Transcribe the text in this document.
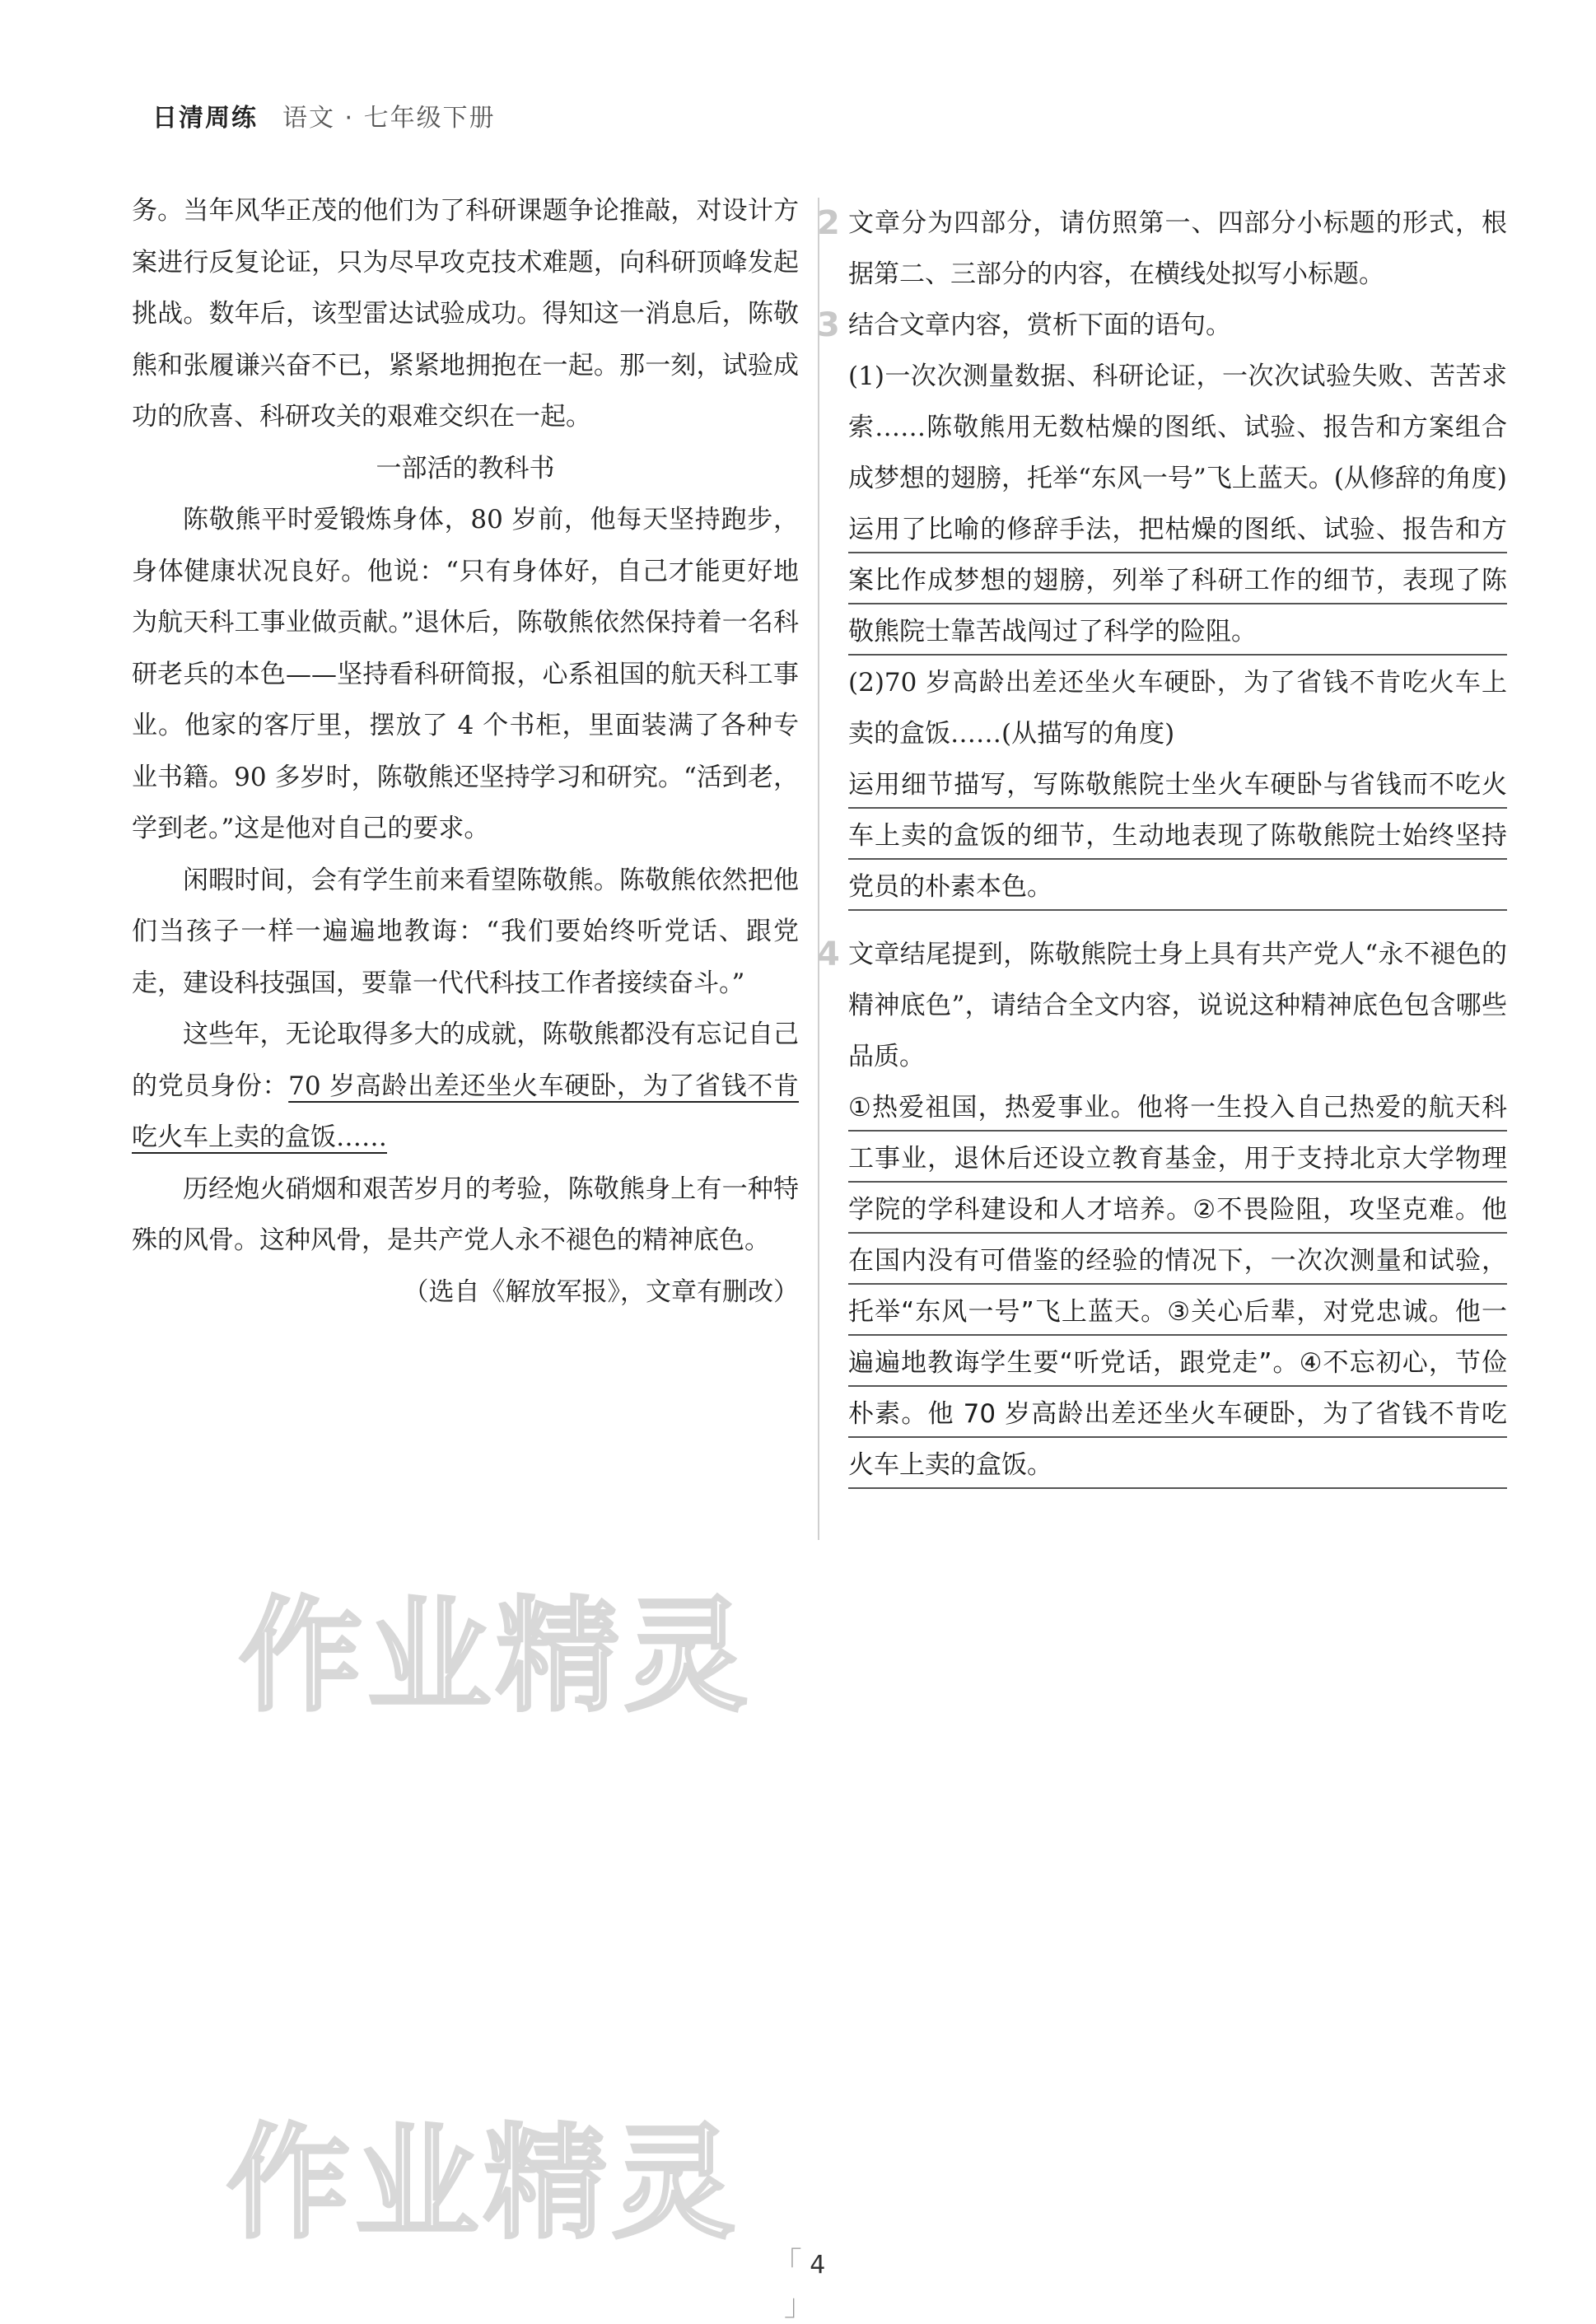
日清周练 语文 · 七年级下册

务。当年风华正茂的他们为了科研课题争论推敲，对设计方案进行反复论证，只为尽早攻克技术难题，向科研顶峰发起挑战。数年后，该型雷达试验成功。得知这一消息后，陈敬熊和张履谦兴奋不已，紧紧地拥抱在一起。那一刻，试验成功的欣喜、科研攻关的艰难交织在一起。

一部活的教科书

陈敬熊平时爱锻炼身体，80 岁前，他每天坚持跑步，身体健康状况良好。他说：“只有身体好，自己才能更好地为航天科工事业做贡献。”退休后，陈敬熊依然保持着一名科研老兵的本色——坚持看科研简报，心系祖国的航天科工事业。他家的客厅里，摆放了 4 个书柜，里面装满了各种专业书籍。90 多岁时，陈敬熊还坚持学习和研究。“活到老，学到老。”这是他对自己的要求。

闲暇时间，会有学生前来看望陈敬熊。陈敬熊依然把他们当孩子一样一遍遍地教诲：“我们要始终听党话、跟党走，建设科技强国，要靠一代代科技工作者接续奋斗。”

这些年，无论取得多大的成就，陈敬熊都没有忘记自己的党员身份：70 岁高龄出差还坐火车硬卧，为了省钱不肯吃火车上卖的盒饭……

历经炮火硝烟和艰苦岁月的考验，陈敬熊身上有一种特殊的风骨。这种风骨，是共产党人永不褪色的精神底色。

（选自《解放军报》，文章有删改）

2 文章分为四部分，请仿照第一、四部分小标题的形式，根据第二、三部分的内容，在横线处拟写小标题。

3 结合文章内容，赏析下面的语句。

(1)一次次测量数据、科研论证，一次次试验失败、苦苦求索……陈敬熊用无数枯燥的图纸、试验、报告和方案组合成梦想的翅膀，托举“东风一号”飞上蓝天。(从修辞的角度)

运用了比喻的修辞手法，把枯燥的图纸、试验、报告和方案比作成梦想的翅膀，列举了科研工作的细节，表现了陈敬熊院士靠苦战闯过了科学的险阻。

(2)70 岁高龄出差还坐火车硬卧，为了省钱不肯吃火车上卖的盒饭……(从描写的角度)

运用细节描写，写陈敬熊院士坐火车硬卧与省钱而不吃火车上卖的盒饭的细节，生动地表现了陈敬熊院士始终坚持党员的朴素本色。

4 文章结尾提到，陈敬熊院士身上具有共产党人“永不褪色的精神底色”，请结合全文内容，说说这种精神底色包含哪些品质。

①热爱祖国，热爱事业。他将一生投入自己热爱的航天科工事业，退休后还设立教育基金，用于支持北京大学物理学院的学科建设和人才培养。②不畏险阻，攻坚克难。他在国内没有可借鉴的经验的情况下，一次次测量和试验，托举“东风一号”飞上蓝天。③关心后辈，对党忠诚。他一遍遍地教诲学生要“听党话，跟党走”。④不忘初心，节俭朴素。他 70 岁高龄出差还坐火车硬卧，为了省钱不肯吃火车上卖的盒饭。

作业精灵
作业精灵
「 4 」
